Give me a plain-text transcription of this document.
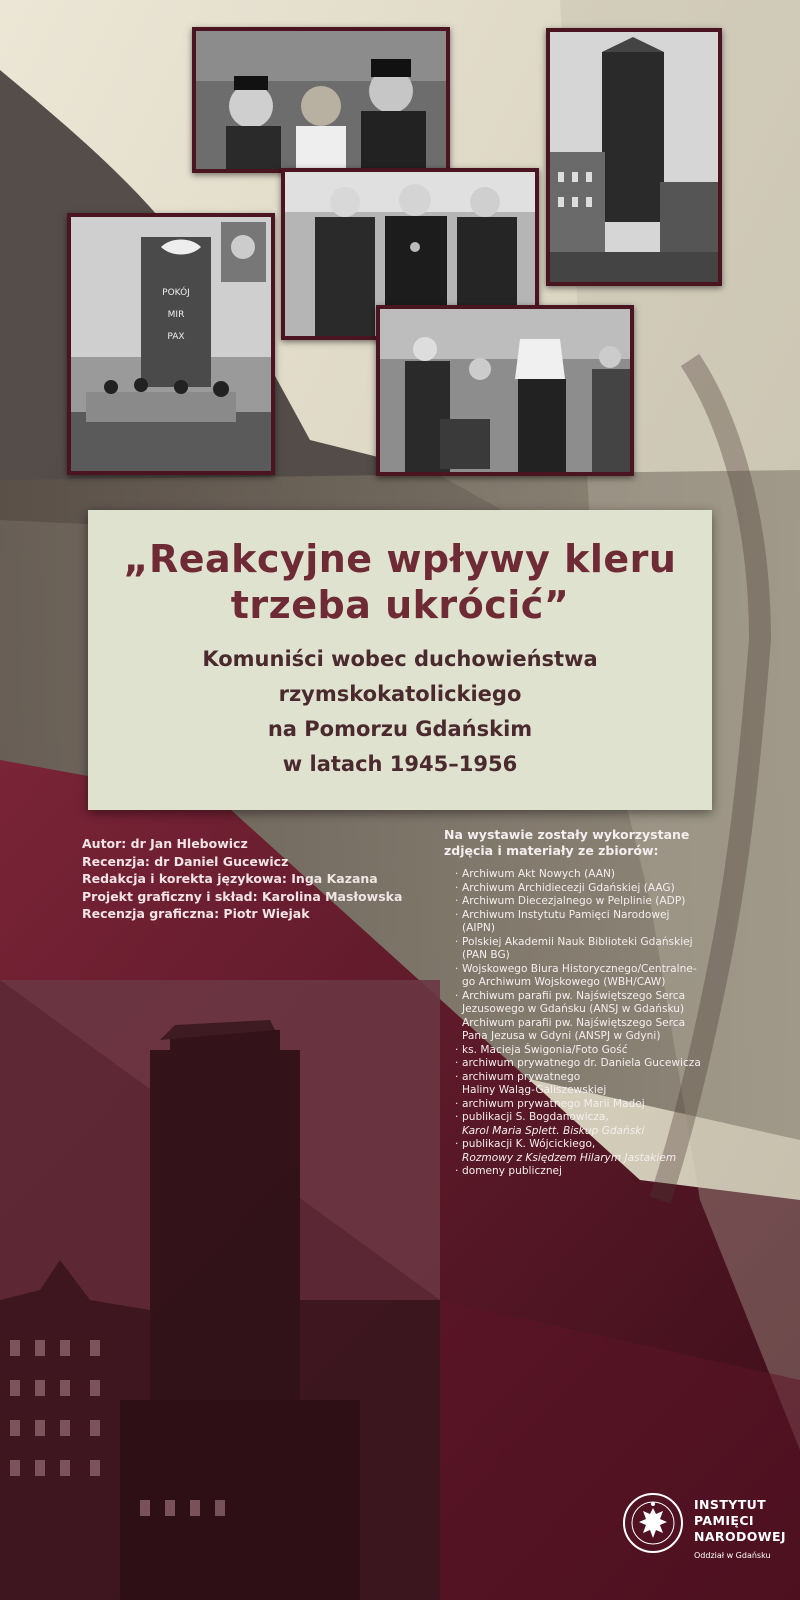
POKÓJ
MIR
PAX
„Reakcyjne wpływy kleru
trzeba ukrócić”
Komuniści wobec duchowieństwa
rzymskokatolickiego
na Pomorzu Gdańskim
w latach 1945–1956
Autor: dr Jan Hlebowicz
Recenzja: dr Daniel Gucewicz
Redakcja i korekta językowa: Inga Kazana
Projekt graficzny i skład: Karolina Masłowska
Recenzja graficzna: Piotr Wiejak
Na wystawie zostały wykorzystane
zdjęcia i materiały ze zbiorów:
· Archiwum Akt Nowych (AAN)
· Archiwum Archidiecezji Gdańskiej (AAG)
· Archiwum Diecezjalnego w Pelplinie (ADP)
· Archiwum Instytutu Pamięci Narodowej
(AIPN)
· Polskiej Akademii Nauk Biblioteki Gdańskiej
(PAN BG)
· Wojskowego Biura Historycznego/Centralne-
go Archiwum Wojskowego (WBH/CAW)
· Archiwum parafii pw. Najświętszego Serca
Jezusowego w Gdańsku (ANSJ w Gdańsku)
Archiwum parafii pw. Najświętszego Serca
Pana Jezusa w Gdyni (ANSPJ w Gdyni)
· ks. Macieja Świgonia/Foto Gość
· archiwum prywatnego dr. Daniela Gucewicza
· archiwum prywatnego
Haliny Waląg-Galiszewskiej
· archiwum prywatnego Marii Madej
· publikacji S. Bogdanowicza,
Karol Maria Splett. Biskup Gdański
· publikacji K. Wójcickiego,
Rozmowy z Księdzem Hilarym Jastakiem
· domeny publicznej
INSTYTUT
PAMIĘCI
NARODOWEJ
Oddział w Gdańsku
